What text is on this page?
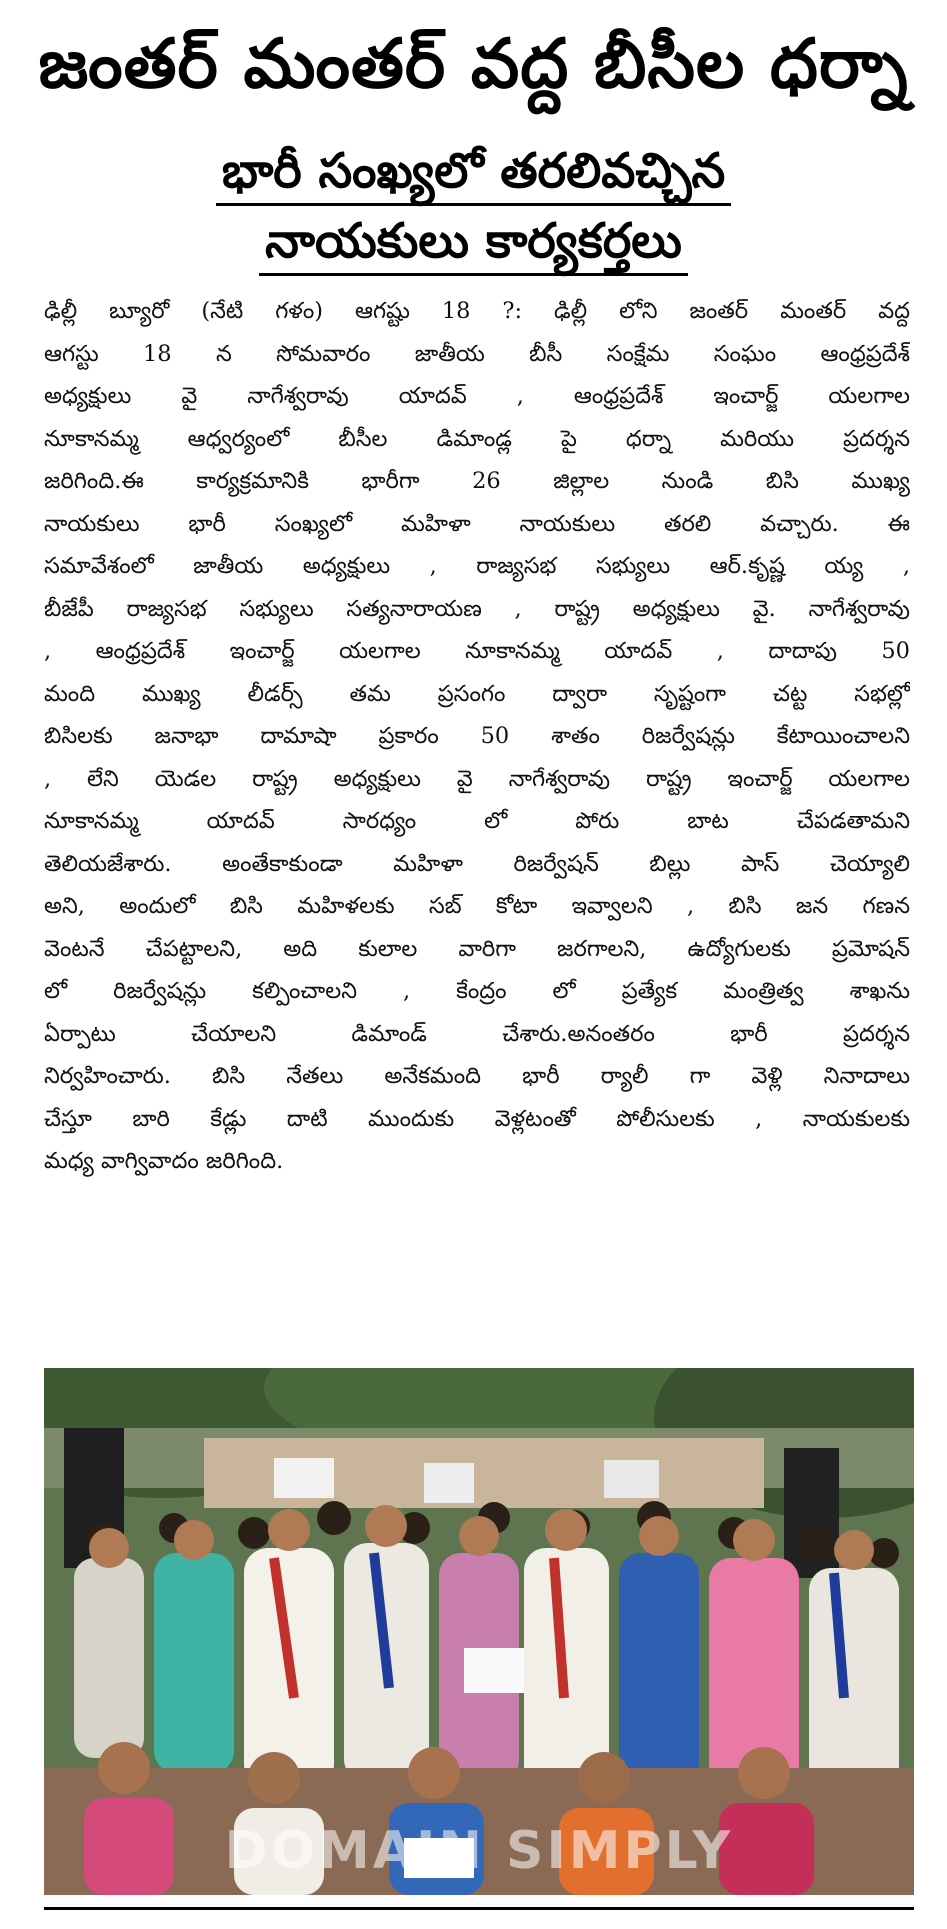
జంతర్ మంతర్ వద్ద బీసీల ధర్నా
భారీ సంఖ్యలో తరలివచ్చిన
నాయకులు కార్యకర్తలు
ఢిల్లీ బ్యూరో (నేటి గళం) ఆగష్టు 18 ?: ఢిల్లీ లోని జంతర్ మంతర్ వద్ద
ఆగస్టు 18 న సోమవారం జాతీయ బీసీ సంక్షేమ సంఘం ఆంధ్రప్రదేశ్
అధ్యక్షులు వై నాగేశ్వరావు యాదవ్ , ఆంధ్రప్రదేశ్ ఇంచార్జ్ యలగాల
నూకానమ్మ ఆధ్వర్యంలో బీసీల డిమాండ్ల పై ధర్నా మరియు ప్రదర్శన
జరిగింది.ఈ కార్యక్రమానికి భారీగా 26 జిల్లాల నుండి బిసి ముఖ్య
నాయకులు భారీ సంఖ్యలో మహిళా నాయకులు తరలి వచ్చారు. ఈ
సమావేశంలో జాతీయ అధ్యక్షులు , రాజ్యసభ సభ్యులు ఆర్.కృష్ణ య్య ,
బీజేపీ రాజ్యసభ సభ్యులు సత్యనారాయణ , రాష్ట్ర అధ్యక్షులు వై. నాగేశ్వరావు
, ఆంధ్రప్రదేశ్ ఇంచార్జ్ యలగాల నూకానమ్మ యాదవ్ , దాదాపు 50
మంది ముఖ్య లీడర్స్ తమ ప్రసంగం ద్వారా సృష్టంగా చట్ట సభల్లో
బిసిలకు జనాభా దామాషా ప్రకారం 50 శాతం రిజర్వేషన్లు కేటాయించాలని
, లేని యెడల రాష్ట్ర అధ్యక్షులు వై నాగేశ్వరావు రాష్ట్ర ఇంచార్జ్ యలగాల
నూకానమ్మ యాదవ్ సారధ్యం లో పోరు బాట చేపడతామని
తెలియజేశారు. అంతేకాకుండా మహిళా రిజర్వేషన్ బిల్లు పాస్ చెయ్యాలి
అని, అందులో బిసి మహిళలకు సబ్ కోటా ఇవ్వాలని , బిసి జన గణన
వెంటనే చేపట్టాలని, అది కులాల వారిగా జరగాలని, ఉద్యోగులకు ప్రమోషన్
లో రిజర్వేషన్లు కల్పించాలని , కేంద్రం లో ప్రత్యేక మంత్రిత్వ శాఖను
ఏర్పాటు చేయాలని డిమాండ్ చేశారు.అనంతరం భారీ ప్రదర్శన
నిర్వహించారు. బిసి నేతలు అనేకమంది భారీ ర్యాలీ గా వెళ్లి నినాదాలు
చేస్తూ బారి కేడ్లు దాటి ముందుకు వెళ్లటంతో పోలీసులకు , నాయకులకు
మధ్య వాగ్వివాదం జరిగింది.
DOMAIN SIMPLY
